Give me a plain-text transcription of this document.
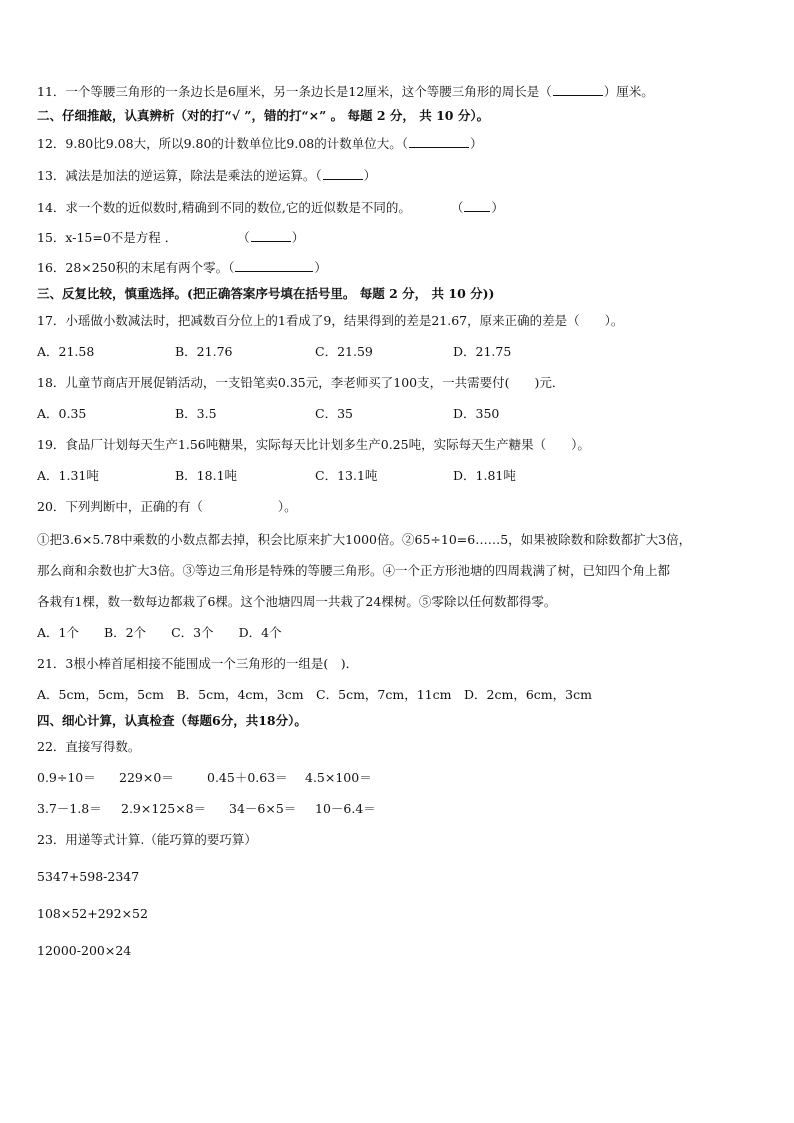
11．一个等腰三角形的一条边长是6厘米，另一条边长是12厘米，这个等腰三角形的周长是（	）厘米。
二、仔细推敲，认真辨析（对的打“√ ”，错的打“×” 。 每题 2 分， 共 10 分）。
12．9.80比9.08大，所以9.80的计数单位比9.08的计数单位大。（	）
13．减法是加法的逆运算，除法是乘法的逆运算。（	）
14．求一个数的近似数时,精确到不同的数位,它的近似数是不同的。	（ ）
15．x-15=0不是方程 ．	（	）
16．28×250积的末尾有两个零。（	）
三、反复比较，慎重选择。(把正确答案序号填在括号里。 每题 2 分， 共 10 分))
17．小瑶做小数减法时，把减数百分位上的1看成了9，结果得到的差是21.67，原来正确的差是（　　）。
A．21.58	B．21.76	C．21.59	D．21.75
18．儿童节商店开展促销活动，一支铅笔卖0.35元，李老师买了100支，一共需要付(　　)元．
A．0.35	B．3.5	C．35	D．350
19．食品厂计划每天生产1.56吨糖果，实际每天比计划多生产0.25吨，实际每天生产糖果（　　）。
A．1.31吨	B．18.1吨	C．13.1吨	D．1.81吨
20．下列判断中，正确的有（　　　　　　）。
①把3.6×5.78中乘数的小数点都去掉，积会比原来扩大1000倍。②65÷10=6……5，如果被除数和除数都扩大3倍，
那么商和余数也扩大3倍。③等边三角形是特殊的等腰三角形。④一个正方形池塘的四周栽满了树，已知四个角上都
各栽有1棵，数一数每边都栽了6棵。这个池塘四周一共栽了24棵树。⑤零除以任何数都得零。
A．1个　　B．2个　　C．3个　　D．4个
21．3根小棒首尾相接不能围成一个三角形的一组是(　)．
A．5cm，5cm，5cm　B．5cm，4cm，3cm　C．5cm，7cm，11cm　D．2cm，6cm，3cm
四、细心计算，认真检查（每题6分，共18分）。
22．直接写得数。
0.9÷10＝ 229×0＝	0.45＋0.63＝ 4.5×100＝
3.7－1.8＝ 2.9×125×8＝ 34－6×5＝ 10－6.4＝
23．用递等式计算.（能巧算的要巧算）
5347+598-2347
108×52+292×52
12000-200×24
